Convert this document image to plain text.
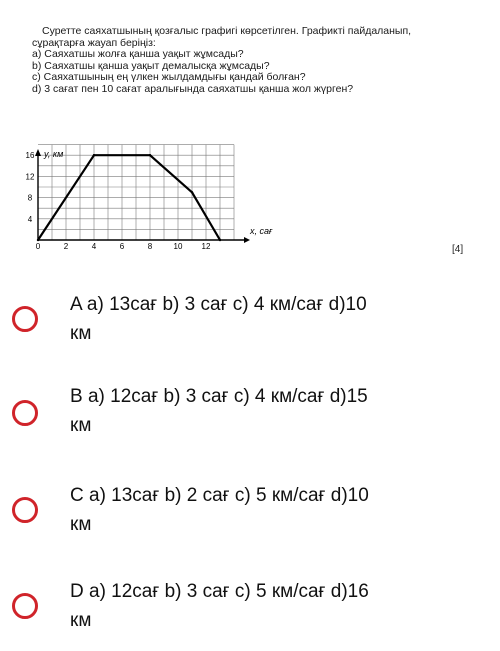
Суретте саяхатшының қозғалыс графигі көрсетілген. Графикті пайдаланып,
сұрақтарға жауап беріңіз:
a) Саяхатшы жолға қанша уақыт жұмсады?
b) Саяхатшы қанша уақыт демалысқа жұмсады?
c) Саяхатшының ең үлкен жылдамдығы қандай болған?
d) 3 сағат пен 10 сағат аралығында саяхатшы қанша жол жүрген?
0	2	4	6	8	10 12
4
8
12
16 y, км
x, сағ
[4]
A a) 13сағ b) 3 сағ c) 4 км/сағ d)10
км
B a) 12сағ b) 3 сағ c) 4 км/сағ d)15
км
C a) 13сағ b) 2 сағ c) 5 км/сағ d)10
км
D a) 12сағ b) 3 сағ c) 5 км/сағ d)16
км
